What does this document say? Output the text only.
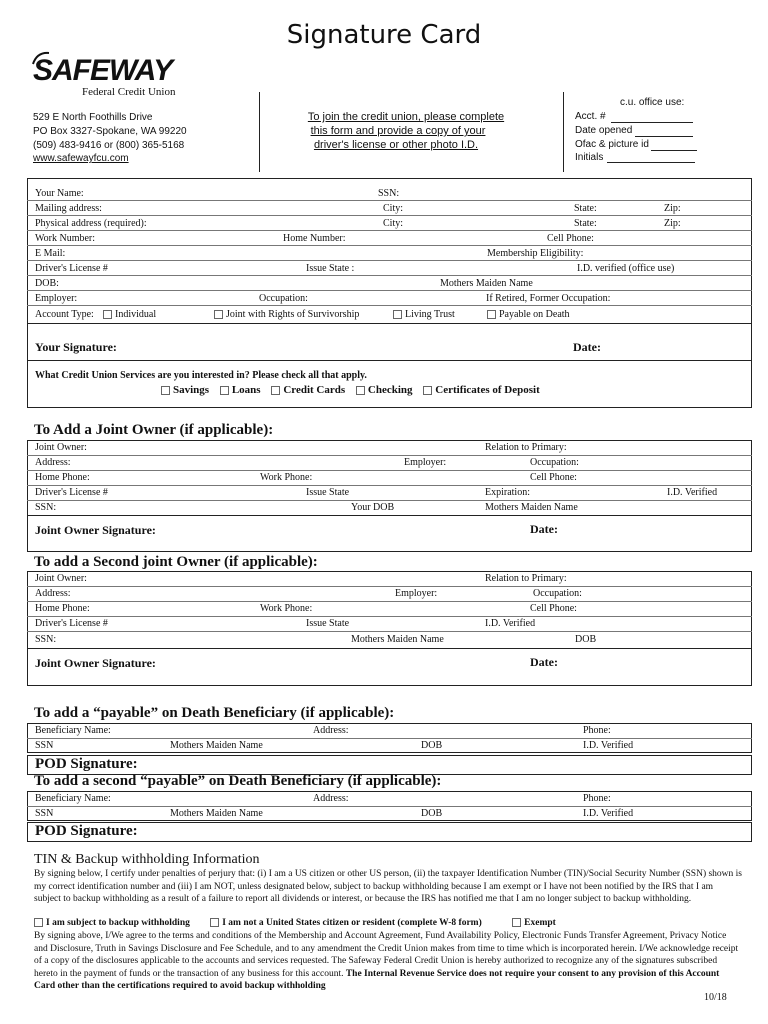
Signature Card
SAFEWAY
Federal Credit Union
529 E North Foothills Drive
PO Box 3327-Spokane, WA 99220
(509) 483-9416 or (800) 365-5168
www.safewayfcu.com
To join the credit union, please complete
this form and provide a copy of your
driver's license or other photo I.D.
c.u. office use:
Acct. #
Date opened
Ofac & picture id
Initials
Your Name:	SSN:
Mailing address:	City:	State:	Zip:
Physical address (required):	City:	State:	Zip:
Work Number:	Home Number:	Cell Phone:
E Mail:	Membership Eligibility:
Driver's License #	Issue State :	I.D. verified (office use)
DOB:	Mothers Maiden Name
Employer:	Occupation:	If Retired, Former Occupation:
Account Type:	Individual	Joint with Rights of Survivorship	Living Trust	Payable on Death
Your Signature:	Date:
What Credit Union Services are you interested in? Please check all that apply.
Savings Loans Credit Cards Checking Certificates of Deposit
To Add a Joint Owner (if applicable):
Joint Owner:	Relation to Primary:
Address:	Employer:	Occupation:
Home Phone:	Work Phone:	Cell Phone:
Driver's License #	Issue State	Expiration:	I.D. Verified
SSN:	Your DOB	Mothers Maiden Name
Joint Owner Signature:	Date:
To add a Second joint Owner (if applicable):
Joint Owner:	Relation to Primary:
Address:	Employer:	Occupation:
Home Phone:	Work Phone:	Cell Phone:
Driver's License #	Issue State	I.D. Verified
SSN:	Mothers Maiden Name	DOB
Joint Owner Signature:	Date:
To add a “payable” on Death Beneficiary (if applicable):
Beneficiary Name:	Address:	Phone:
SSN	Mothers Maiden Name	DOB	I.D. Verified
POD Signature:
To add a second “payable” on Death Beneficiary (if applicable):
Beneficiary Name:	Address:	Phone:
SSN	Mothers Maiden Name	DOB	I.D. Verified
POD Signature:
TIN & Backup withholding Information
By signing below, I certify under penalties of perjury that: (i) I am a US citizen or other US person, (ii) the taxpayer Identification Number (TIN)/Social Security Number (SSN) shown is my correct identification number and (iii) I am NOT, unless designated below, subject to backup withholding because I am exempt or I have not been notified by the IRS that I am subject to backup withholding as a result of a failure to report all dividends or interest, or because the IRS has notified me that I am no longer subject to backup withholding.
I am subject to backup withholding	I am not a United States citizen or resident (complete W-8 form)	Exempt
By signing above, I/We agree to the terms and conditions of the Membership and Account Agreement, Fund Availability Policy, Electronic Funds Transfer Agreement, Privacy Notice and Disclosure, Truth in Savings Disclosure and Fee Schedule, and to any amendment the Credit Union makes from time to time which is incorporated herein. I/We acknowledge receipt of a copy of the disclosures applicable to the accounts and services requested. The Safeway Federal Credit Union is hereby authorized to recognize any of the signatures subscribed hereto in the payment of funds or the transaction of any business for this account. The Internal Revenue Service does not require your consent to any provision of this Account Card other than the certifications required to avoid backup withholding
10/18
